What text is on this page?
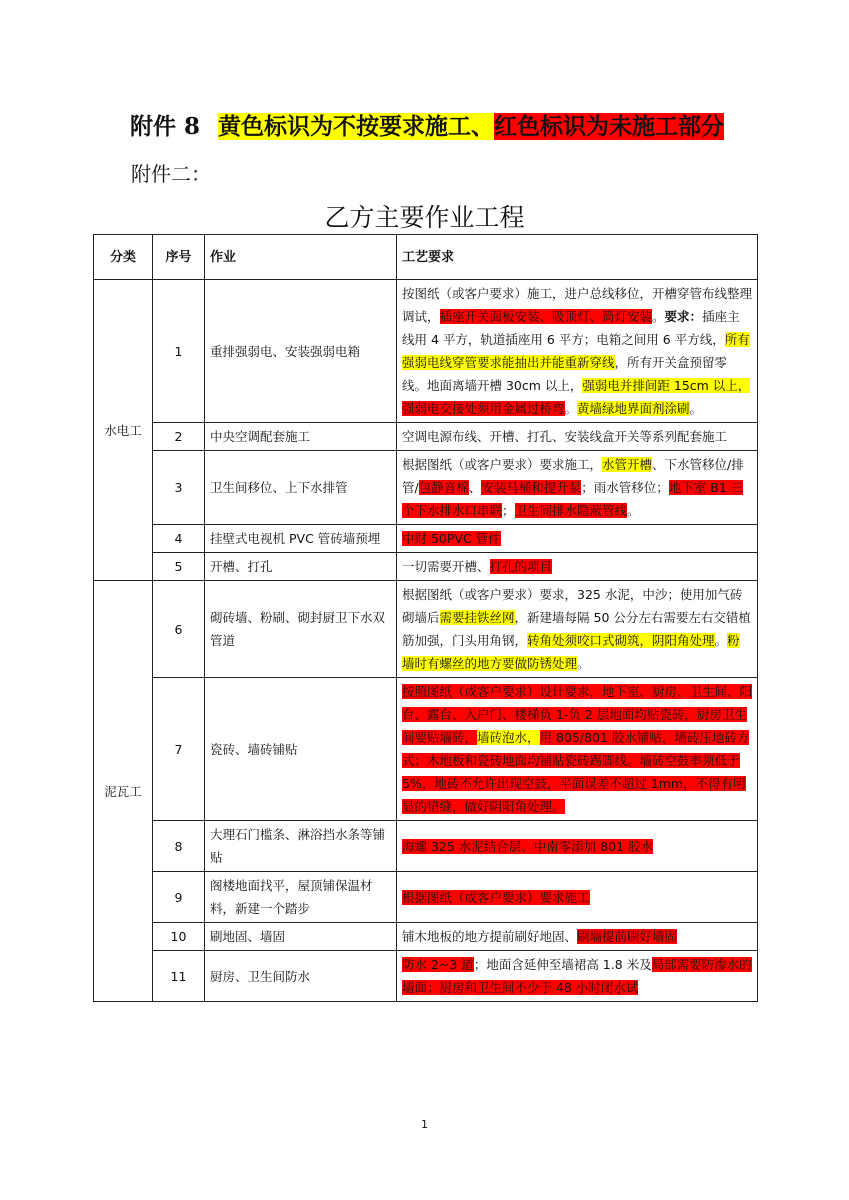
附件 8 黄色标识为不按要求施工、红色标识为未施工部分
附件二：
乙方主要作业工程
分类	序号	作业	工艺要求
水电工	1	重排强弱电、安装强弱电箱	按图纸（或客户要求）施工，进户总线移位，开槽穿管布线整理调试，插座开关面板安装、吸顶灯、筒灯安装。要求：插座主线用 4 平方，轨道插座用 6 平方；电箱之间用 6 平方线，所有强弱电线穿管要求能抽出并能重新穿线，所有开关盒预留零线。地面离墙开槽 30cm 以上，强弱电并排间距 15cm 以上，强弱电交接处须用金属过桥弯。黄墙绿地界面剂涂刷。
	2	中央空调配套施工	空调电源布线、开槽、打孔、安装线盒开关等系列配套施工
	3	卫生间移位、上下水排管	根据图纸（或客户要求）要求施工，水管开槽、下水管移位/排管/包静音棉、安装马桶和提升泵；雨水管移位；地下室 B1 三个下水排水口串联；卫生间排水隐蔽管线。
	4	挂壁式电视机 PVC 管砖墙预埋	中财 50PVC 管件
	5	开槽、打孔	一切需要开槽、打孔的项目
泥瓦工	6	砌砖墙、粉刷、砌封厨卫下水双管道	根据图纸（或客户要求）要求，325 水泥，中沙；使用加气砖砌墙后需要挂铁丝网，新建墙每隔 50 公分左右需要左右交错植筋加强，门头用角钢，转角处须咬口式砌筑，阴阳角处理。粉墙时有螺丝的地方要做防锈处理。
	7	瓷砖、墙砖铺贴	按照图纸（或客户要求）设计要求，地下室、厨房、卫生间、阳台、露台、入户门、楼梯负 1-负 2 层地面均贴瓷砖，厨房卫生间要贴墙砖，墙砖泡水，用 805/801 胶水铺贴，墙砖压地砖方式；木地板和瓷砖地面均铺贴瓷砖踢脚线。墙砖空鼓率须低于 5%，地砖不允许出现空鼓，平面误差不超过 1mm，不得有明显的错缝，做好阴阳角处理。
	8	大理石门槛条、淋浴挡水条等铺贴	海螺 325 水泥结合层、中南零添加 801 胶水
	9	阁楼地面找平，屋顶铺保温材料，新建一个踏步	根据图纸（或客户要求）要求施工
	10	刷地固、墙固	铺木地板的地方提前刷好地固、刷墙提前刷好墙固
	11	厨房、卫生间防水	防水 2~3 道；地面含延伸至墙裙高 1.8 米及局部需要防渗水的墙面；厨房和卫生间不少于 48 小时闭水试
1
